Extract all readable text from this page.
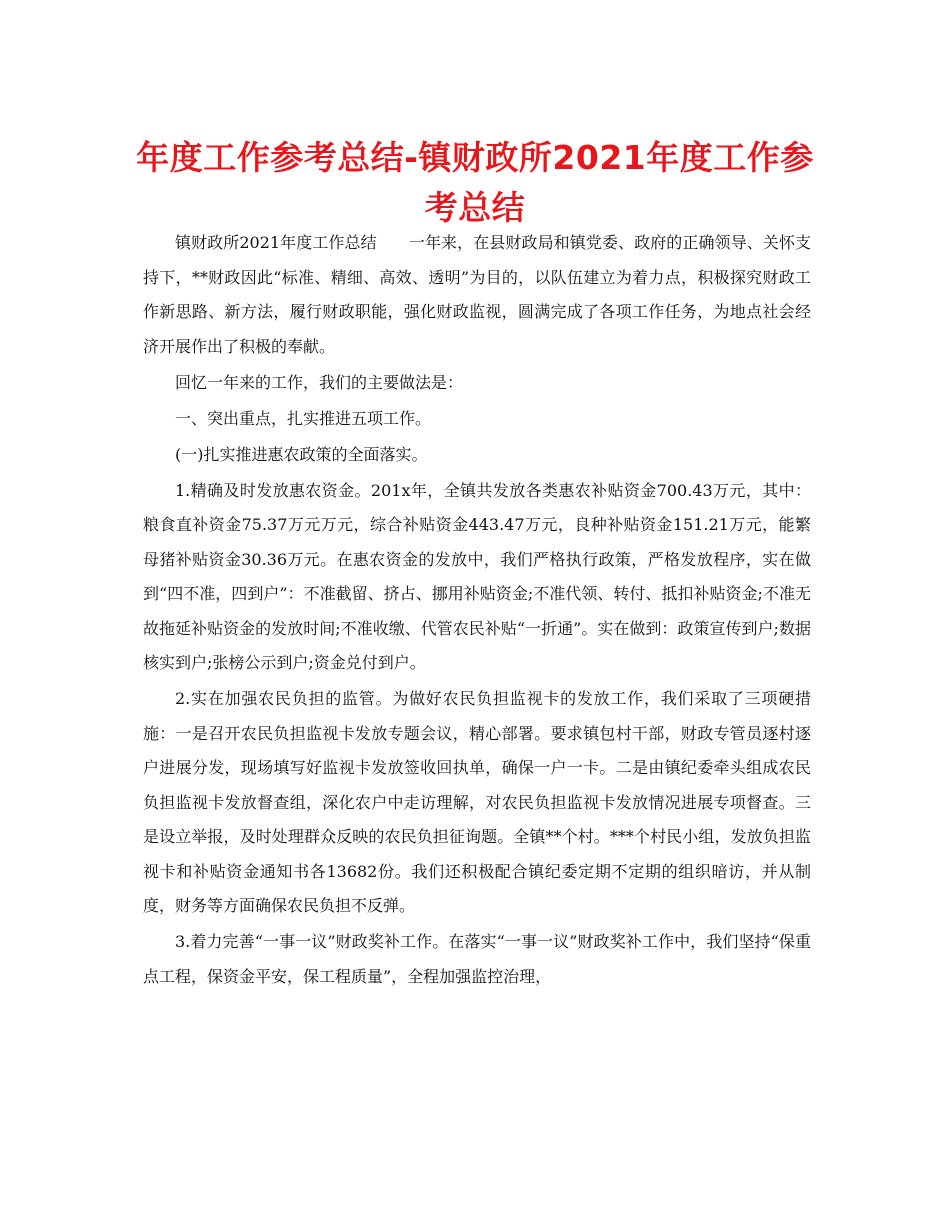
年度工作参考总结-镇财政所2021年度工作参考总结

镇财政所2021年度工作总结　　一年来，在县财政局和镇党委、政府的正确领导、关怀支持下，**财政因此“标准、精细、高效、透明”为目的，以队伍建立为着力点，积极探究财政工作新思路、新方法，履行财政职能，强化财政监视，圆满完成了各项工作任务，为地点社会经济开展作出了积极的奉献。

回忆一年来的工作，我们的主要做法是：

一、突出重点，扎实推进五项工作。

(一)扎实推进惠农政策的全面落实。

1.精确及时发放惠农资金。201x年，全镇共发放各类惠农补贴资金700.43万元，其中：粮食直补资金75.37万元万元，综合补贴资金443.47万元，良种补贴资金151.21万元，能繁母猪补贴资金30.36万元。在惠农资金的发放中，我们严格执行政策，严格发放程序，实在做到“四不准，四到户”：不准截留、挤占、挪用补贴资金;不准代领、转付、抵扣补贴资金;不准无故拖延补贴资金的发放时间;不准收缴、代管农民补贴“一折通”。实在做到：政策宣传到户;数据核实到户;张榜公示到户;资金兑付到户。

2.实在加强农民负担的监管。为做好农民负担监视卡的发放工作，我们采取了三项硬措施：一是召开农民负担监视卡发放专题会议，精心部署。要求镇包村干部，财政专管员逐村逐户进展分发，现场填写好监视卡发放签收回执单，确保一户一卡。二是由镇纪委牵头组成农民负担监视卡发放督查组，深化农户中走访理解，对农民负担监视卡发放情况进展专项督查。三是设立举报，及时处理群众反映的农民负担征询题。全镇**个村。***个村民小组，发放负担监视卡和补贴资金通知书各13682份。我们还积极配合镇纪委定期不定期的组织暗访，并从制度，财务等方面确保农民负担不反弹。

3.着力完善“一事一议”财政奖补工作。在落实“一事一议”财政奖补工作中，我们坚持“保重点工程，保资金平安，保工程质量”，全程加强监控治理，
